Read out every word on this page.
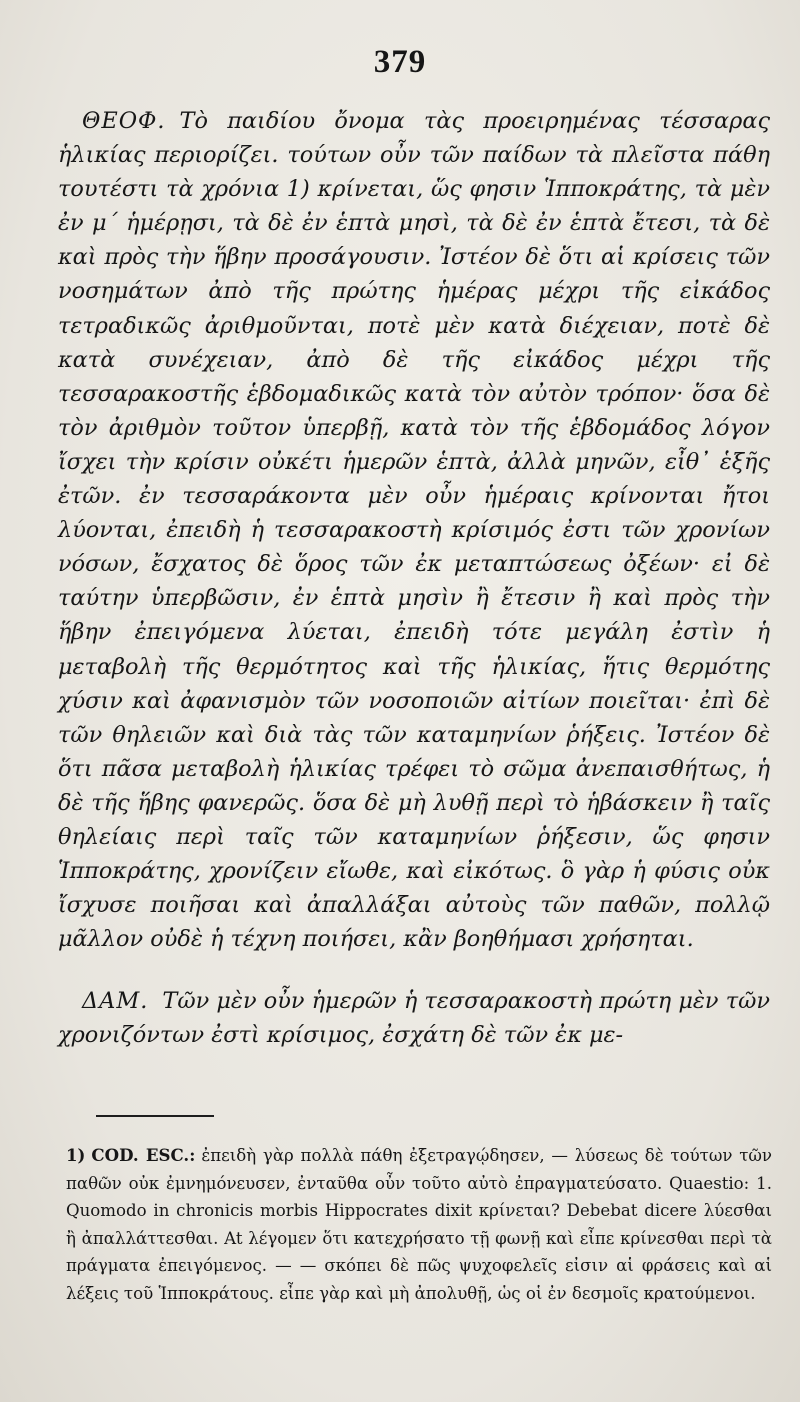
379

ΘΕΟΦ. Τὸ παιδίου ὄνομα τὰς προειρημένας τέσσαρας ἡλικίας περιορίζει. τούτων οὖν τῶν παίδων τὰ πλεῖστα πάθη τουτέστι τὰ χρόνια 1) κρίνεται, ὥς φησιν Ἱπποκράτης, τὰ μὲν ἐν μ΄ ἡμέρῃσι, τὰ δὲ ἐν ἑπτὰ μησὶ, τὰ δὲ ἐν ἑπτὰ ἔτεσι, τὰ δὲ καὶ πρὸς τὴν ἥβην προσάγουσιν. Ἰστέον δὲ ὅτι αἱ κρίσεις τῶν νοσημάτων ἀπὸ τῆς πρώτης ἡμέρας μέχρι τῆς εἰκάδος τετραδικῶς ἀριθμοῦνται, ποτὲ μὲν κατὰ διέχειαν, ποτὲ δὲ κατὰ συνέχειαν, ἀπὸ δὲ τῆς εἰκάδος μέχρι τῆς τεσσαρακοστῆς ἑβδομαδικῶς κατὰ τὸν αὐτὸν τρόπον· ὅσα δὲ τὸν ἀριθμὸν τοῦτον ὑπερβῇ, κατὰ τὸν τῆς ἑβδομάδος λόγον ἴσχει τὴν κρίσιν οὐκέτι ἡμερῶν ἑπτὰ, ἀλλὰ μηνῶν, εἶθ᾽ ἑξῆς ἐτῶν. ἐν τεσσαράκοντα μὲν οὖν ἡμέραις κρίνονται ἤτοι λύονται, ἐπειδὴ ἡ τεσσαρακοστὴ κρίσιμός ἐστι τῶν χρονίων νόσων, ἔσχατος δὲ ὅρος τῶν ἐκ μεταπτώσεως ὀξέων· εἰ δὲ ταύτην ὑπερβῶσιν, ἐν ἑπτὰ μησὶν ἢ ἔτεσιν ἢ καὶ πρὸς τὴν ἥβην ἐπειγόμενα λύεται, ἐπειδὴ τότε μεγάλη ἐστὶν ἡ μεταβολὴ τῆς θερμότητος καὶ τῆς ἡλικίας, ἥτις θερμότης χύσιν καὶ ἀφανισμὸν τῶν νοσοποιῶν αἰτίων ποιεῖται· ἐπὶ δὲ τῶν θηλειῶν καὶ διὰ τὰς τῶν καταμηνίων ῥήξεις. Ἰστέον δὲ ὅτι πᾶσα μεταβολὴ ἡλικίας τρέφει τὸ σῶμα ἀνεπαισθήτως, ἡ δὲ τῆς ἥβης φανερῶς. ὅσα δὲ μὴ λυθῇ περὶ τὸ ἡβάσκειν ἢ ταῖς θηλείαις περὶ ταῖς τῶν καταμηνίων ῥήξεσιν, ὥς φησιν Ἱπποκράτης, χρονίζειν εἴωθε, καὶ εἰκότως. ὃ γὰρ ἡ φύσις οὐκ ἴσχυσε ποιῆσαι καὶ ἀπαλλάξαι αὐτοὺς τῶν παθῶν, πολλῷ μᾶλλον οὐδὲ ἡ τέχνη ποιήσει, κἂν βοηθήμασι χρήσηται.

ΔΑΜ. Τῶν μὲν οὖν ἡμερῶν ἡ τεσσαρακοστὴ πρώτη μὲν τῶν χρονιζόντων ἐστὶ κρίσιμος, ἐσχάτη δὲ τῶν ἐκ με-

1) COD. ESC.: ἐπειδὴ γὰρ πολλὰ πάθη ἐξετραγῴδησεν, — λύσεως δὲ τούτων τῶν παθῶν οὐκ ἐμνημόνευσεν, ἐνταῦθα οὖν τοῦτο αὐτὸ ἐπραγματεύσατο. Quaestio: 1. Quomodo in chronicis morbis Hippocrates dixit κρίνεται? Debebat dicere λύεσθαι ἢ ἀπαλλάττεσθαι. At λέγομεν ὅτι κατεχρήσατο τῇ φωνῇ καὶ εἶπε κρίνεσθαι περὶ τὰ πράγματα ἐπειγόμενος. — — σκόπει δὲ πῶς ψυχοφελεῖς εἰσιν αἱ φράσεις καὶ αἱ λέξεις τοῦ Ἱπποκράτους. εἶπε γὰρ καὶ μὴ ἀπολυθῇ, ὡς οἱ ἐν δεσμοῖς κρατούμενοι.
